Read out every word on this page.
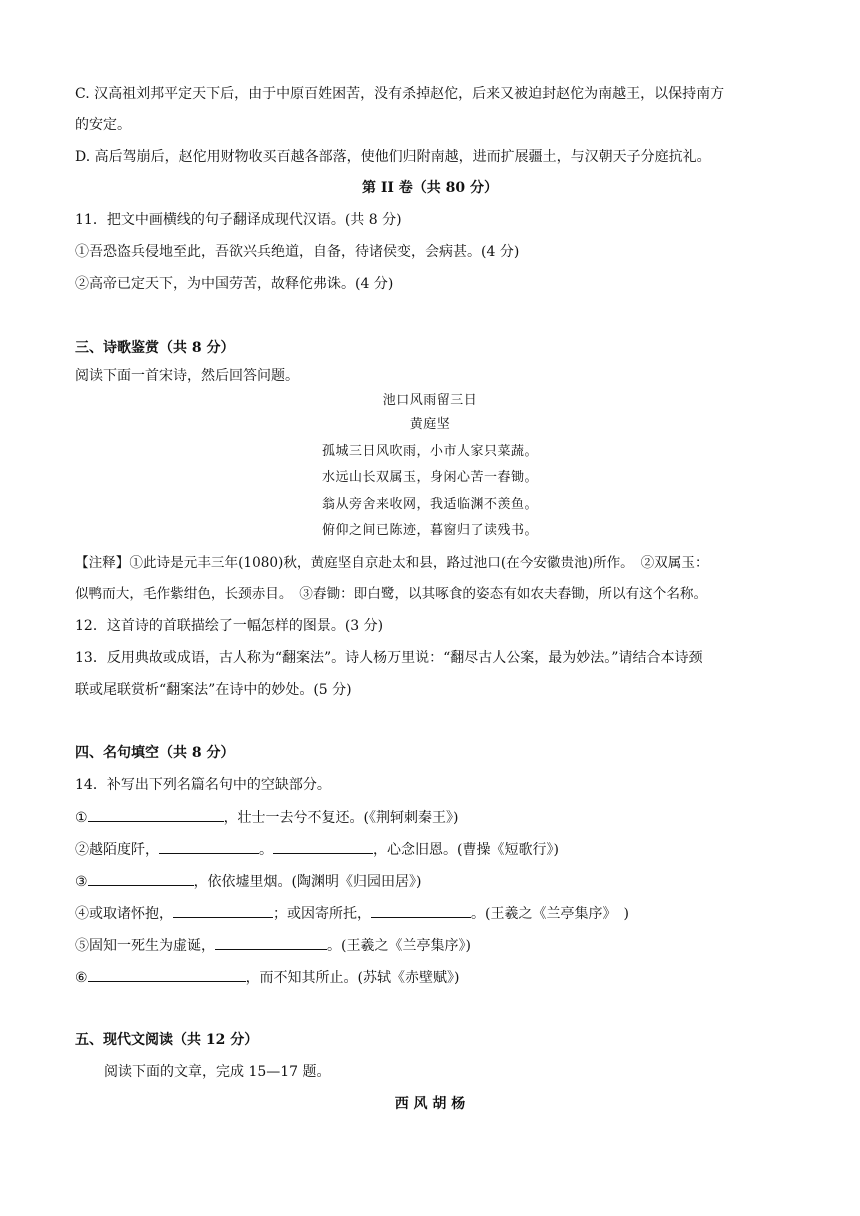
C. 汉高祖刘邦平定天下后，由于中原百姓困苦，没有杀掉赵佗，后来又被迫封赵佗为南越王，以保持南方
的安定。
D. 高后驾崩后，赵佗用财物收买百越各部落，使他们归附南越，进而扩展疆土，与汉朝天子分庭抗礼。
第 II 卷（共 80 分）
11．把文中画横线的句子翻译成现代汉语。(共 8 分)
①吾恐盗兵侵地至此，吾欲兴兵绝道，自备，待诸侯变，会病甚。(4 分)
②高帝已定天下，为中国劳苦，故释佗弗诛。(4 分)
三、诗歌鉴赏（共 8 分）
阅读下面一首宋诗，然后回答问题。
池口风雨留三日
黄庭坚
孤城三日风吹雨，小市人家只菜蔬。
水远山长双属玉，身闲心苦一舂锄。
翁从旁舍来收网，我适临渊不羡鱼。
俯仰之间已陈迹，暮窗归了读残书。
【注释】①此诗是元丰三年(1080)秋，黄庭坚自京赴太和县，路过池口(在今安徽贵池)所作。　②双属玉：
似鸭而大，毛作紫绀色，长颈赤目。　③舂锄：即白鹭，以其啄食的姿态有如农夫舂锄，所以有这个名称。
12．这首诗的首联描绘了一幅怎样的图景。(3 分)
13．反用典故或成语，古人称为“翻案法”。诗人杨万里说：“翻尽古人公案，最为妙法。”请结合本诗颈
联或尾联赏析“翻案法”在诗中的妙处。(5 分)
四、名句填空（共 8 分）
14．补写出下列名篇名句中的空缺部分。
①	，壮士一去兮不复还。(《荆轲刺秦王》)
②越陌度阡，	。	，心念旧恩。(曹操《短歌行》)
③	，依依墟里烟。(陶渊明《归园田居》)
④或取诸怀抱，	；或因寄所托，	。(王羲之《兰亭集序》　)
⑤固知一死生为虚诞，	。(王羲之《兰亭集序》)
⑥	，而不知其所止。(苏轼《赤壁赋》)
五、现代文阅读（共 12 分）
阅读下面的文章，完成 15—17 题。
西 风 胡 杨
